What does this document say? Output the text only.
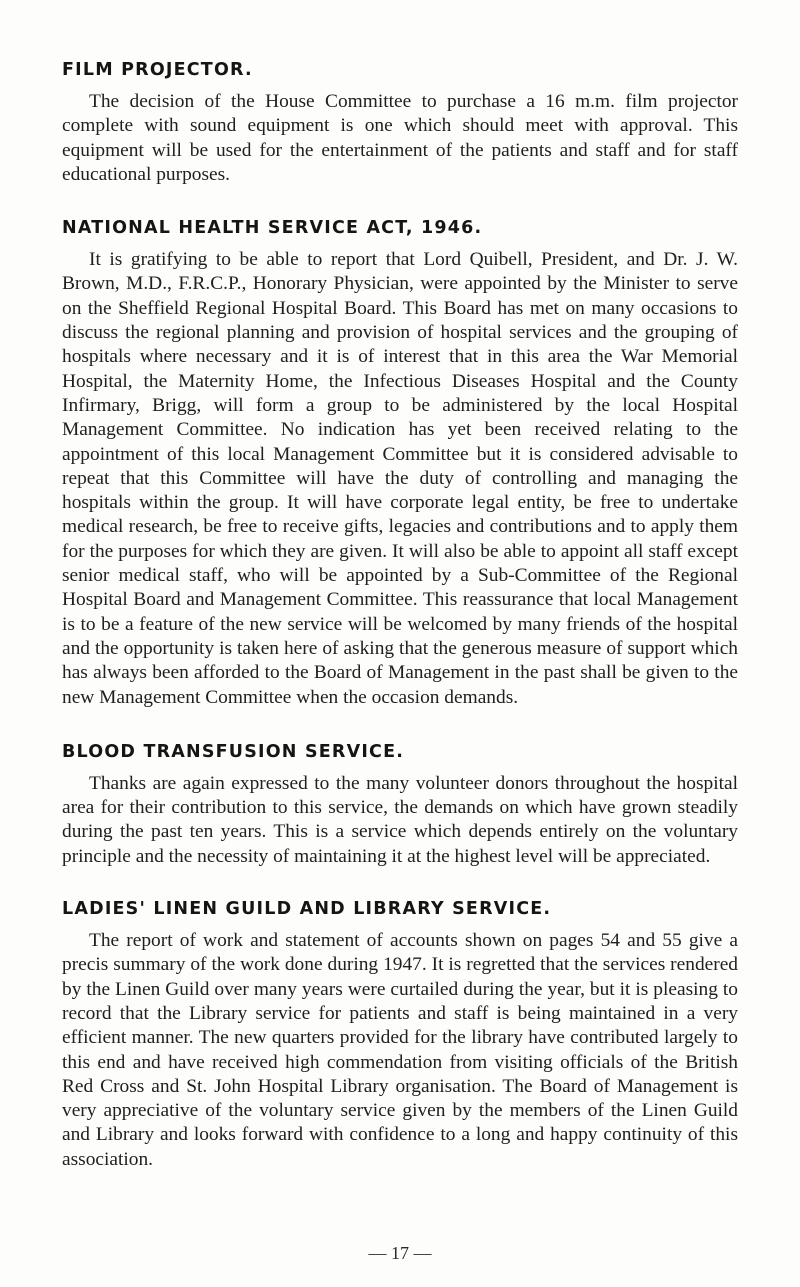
FILM PROJECTOR.

The decision of the House Committee to purchase a 16 m.m. film projector complete with sound equipment is one which should meet with approval. This equipment will be used for the entertainment of the patients and staff and for staff educational purposes.

NATIONAL HEALTH SERVICE ACT, 1946.

It is gratifying to be able to report that Lord Quibell, President, and Dr. J. W. Brown, M.D., F.R.C.P., Honorary Physician, were appointed by the Minister to serve on the Sheffield Regional Hospital Board. This Board has met on many occasions to discuss the regional planning and provision of hospital services and the grouping of hospitals where necessary and it is of interest that in this area the War Memorial Hospital, the Maternity Home, the Infectious Diseases Hospital and the County Infirmary, Brigg, will form a group to be administered by the local Hospital Management Committee. No indication has yet been received relating to the appointment of this local Management Committee but it is considered advisable to repeat that this Committee will have the duty of controlling and managing the hospitals within the group. It will have corporate legal entity, be free to undertake medical research, be free to receive gifts, legacies and contributions and to apply them for the purposes for which they are given. It will also be able to appoint all staff except senior medical staff, who will be appointed by a Sub-Committee of the Regional Hospital Board and Management Committee. This reassurance that local Management is to be a feature of the new service will be welcomed by many friends of the hospital and the opportunity is taken here of asking that the generous measure of support which has always been afforded to the Board of Management in the past shall be given to the new Management Committee when the occasion demands.

BLOOD TRANSFUSION SERVICE.

Thanks are again expressed to the many volunteer donors throughout the hospital area for their contribution to this service, the demands on which have grown steadily during the past ten years. This is a service which depends entirely on the voluntary principle and the necessity of maintaining it at the highest level will be appreciated.

LADIES' LINEN GUILD AND LIBRARY SERVICE.

The report of work and statement of accounts shown on pages 54 and 55 give a precis summary of the work done during 1947. It is regretted that the services rendered by the Linen Guild over many years were curtailed during the year, but it is pleasing to record that the Library service for patients and staff is being maintained in a very efficient manner. The new quarters provided for the library have contributed largely to this end and have received high commendation from visiting officials of the British Red Cross and St. John Hospital Library organisation. The Board of Management is very appreciative of the voluntary service given by the members of the Linen Guild and Library and looks forward with confidence to a long and happy continuity of this association.

— 17 —
